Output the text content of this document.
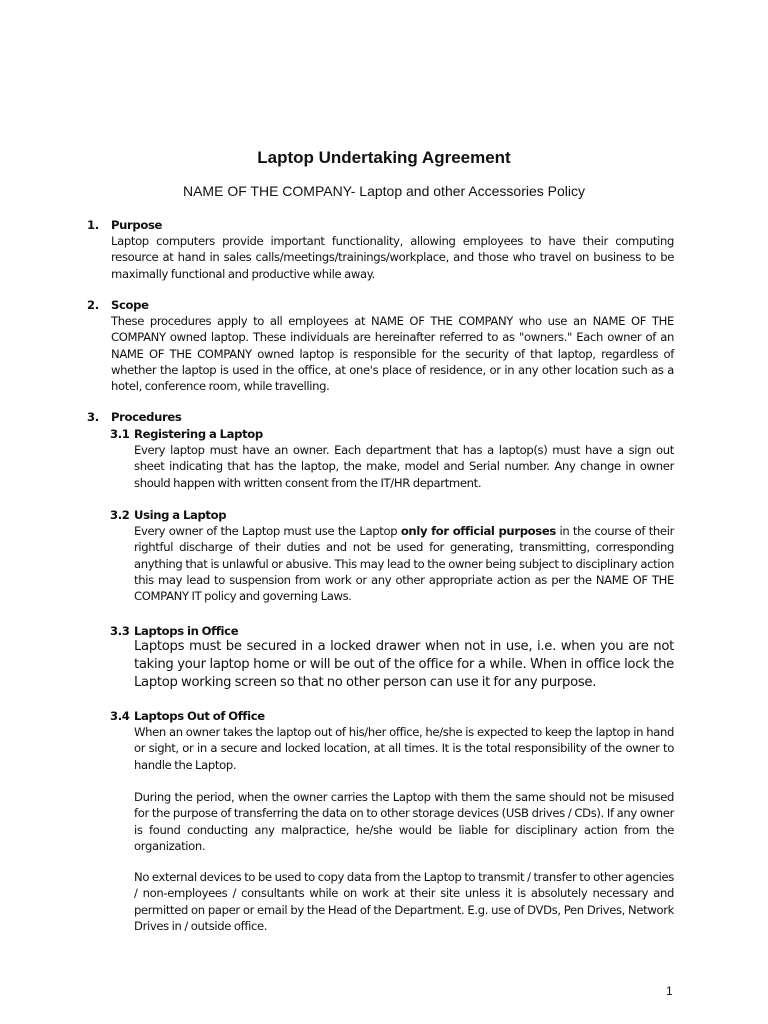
Laptop Undertaking Agreement
NAME OF THE COMPANY- Laptop and other Accessories Policy
1. Purpose
Laptop computers provide important functionality, allowing employees to have their computing resource at hand in sales calls/meetings/trainings/workplace, and those who travel on business to be maximally functional and productive while away.
2. Scope
These procedures apply to all employees at NAME OF THE COMPANY who use an NAME OF THE COMPANY owned laptop. These individuals are hereinafter referred to as "owners." Each owner of an NAME OF THE COMPANY owned laptop is responsible for the security of that laptop, regardless of whether the laptop is used in the office, at one's place of residence, or in any other location such as a hotel, conference room, while travelling.
3. Procedures
3.1 Registering a Laptop
Every laptop must have an owner. Each department that has a laptop(s) must have a sign out sheet indicating that has the laptop, the make, model and Serial number. Any change in owner should happen with written consent from the IT/HR department.
3.2 Using a Laptop
Every owner of the Laptop must use the Laptop only for official purposes in the course of their rightful discharge of their duties and not be used for generating, transmitting, corresponding anything that is unlawful or abusive. This may lead to the owner being subject to disciplinary action this may lead to suspension from work or any other appropriate action as per the NAME OF THE COMPANY IT policy and governing Laws.
3.3 Laptops in Office
Laptops must be secured in a locked drawer when not in use, i.e. when you are not taking your laptop home or will be out of the office for a while. When in office lock the Laptop working screen so that no other person can use it for any purpose.
3.4 Laptops Out of Office
When an owner takes the laptop out of his/her office, he/she is expected to keep the laptop in hand or sight, or in a secure and locked location, at all times. It is the total responsibility of the owner to handle the Laptop.
During the period, when the owner carries the Laptop with them the same should not be misused for the purpose of transferring the data on to other storage devices (USB drives / CDs). If any owner is found conducting any malpractice, he/she would be liable for disciplinary action from the organization.
No external devices to be used to copy data from the Laptop to transmit / transfer to other agencies / non-employees / consultants while on work at their site unless it is absolutely necessary and permitted on paper or email by the Head of the Department. E.g. use of DVDs, Pen Drives, Network Drives in / outside office.
1
